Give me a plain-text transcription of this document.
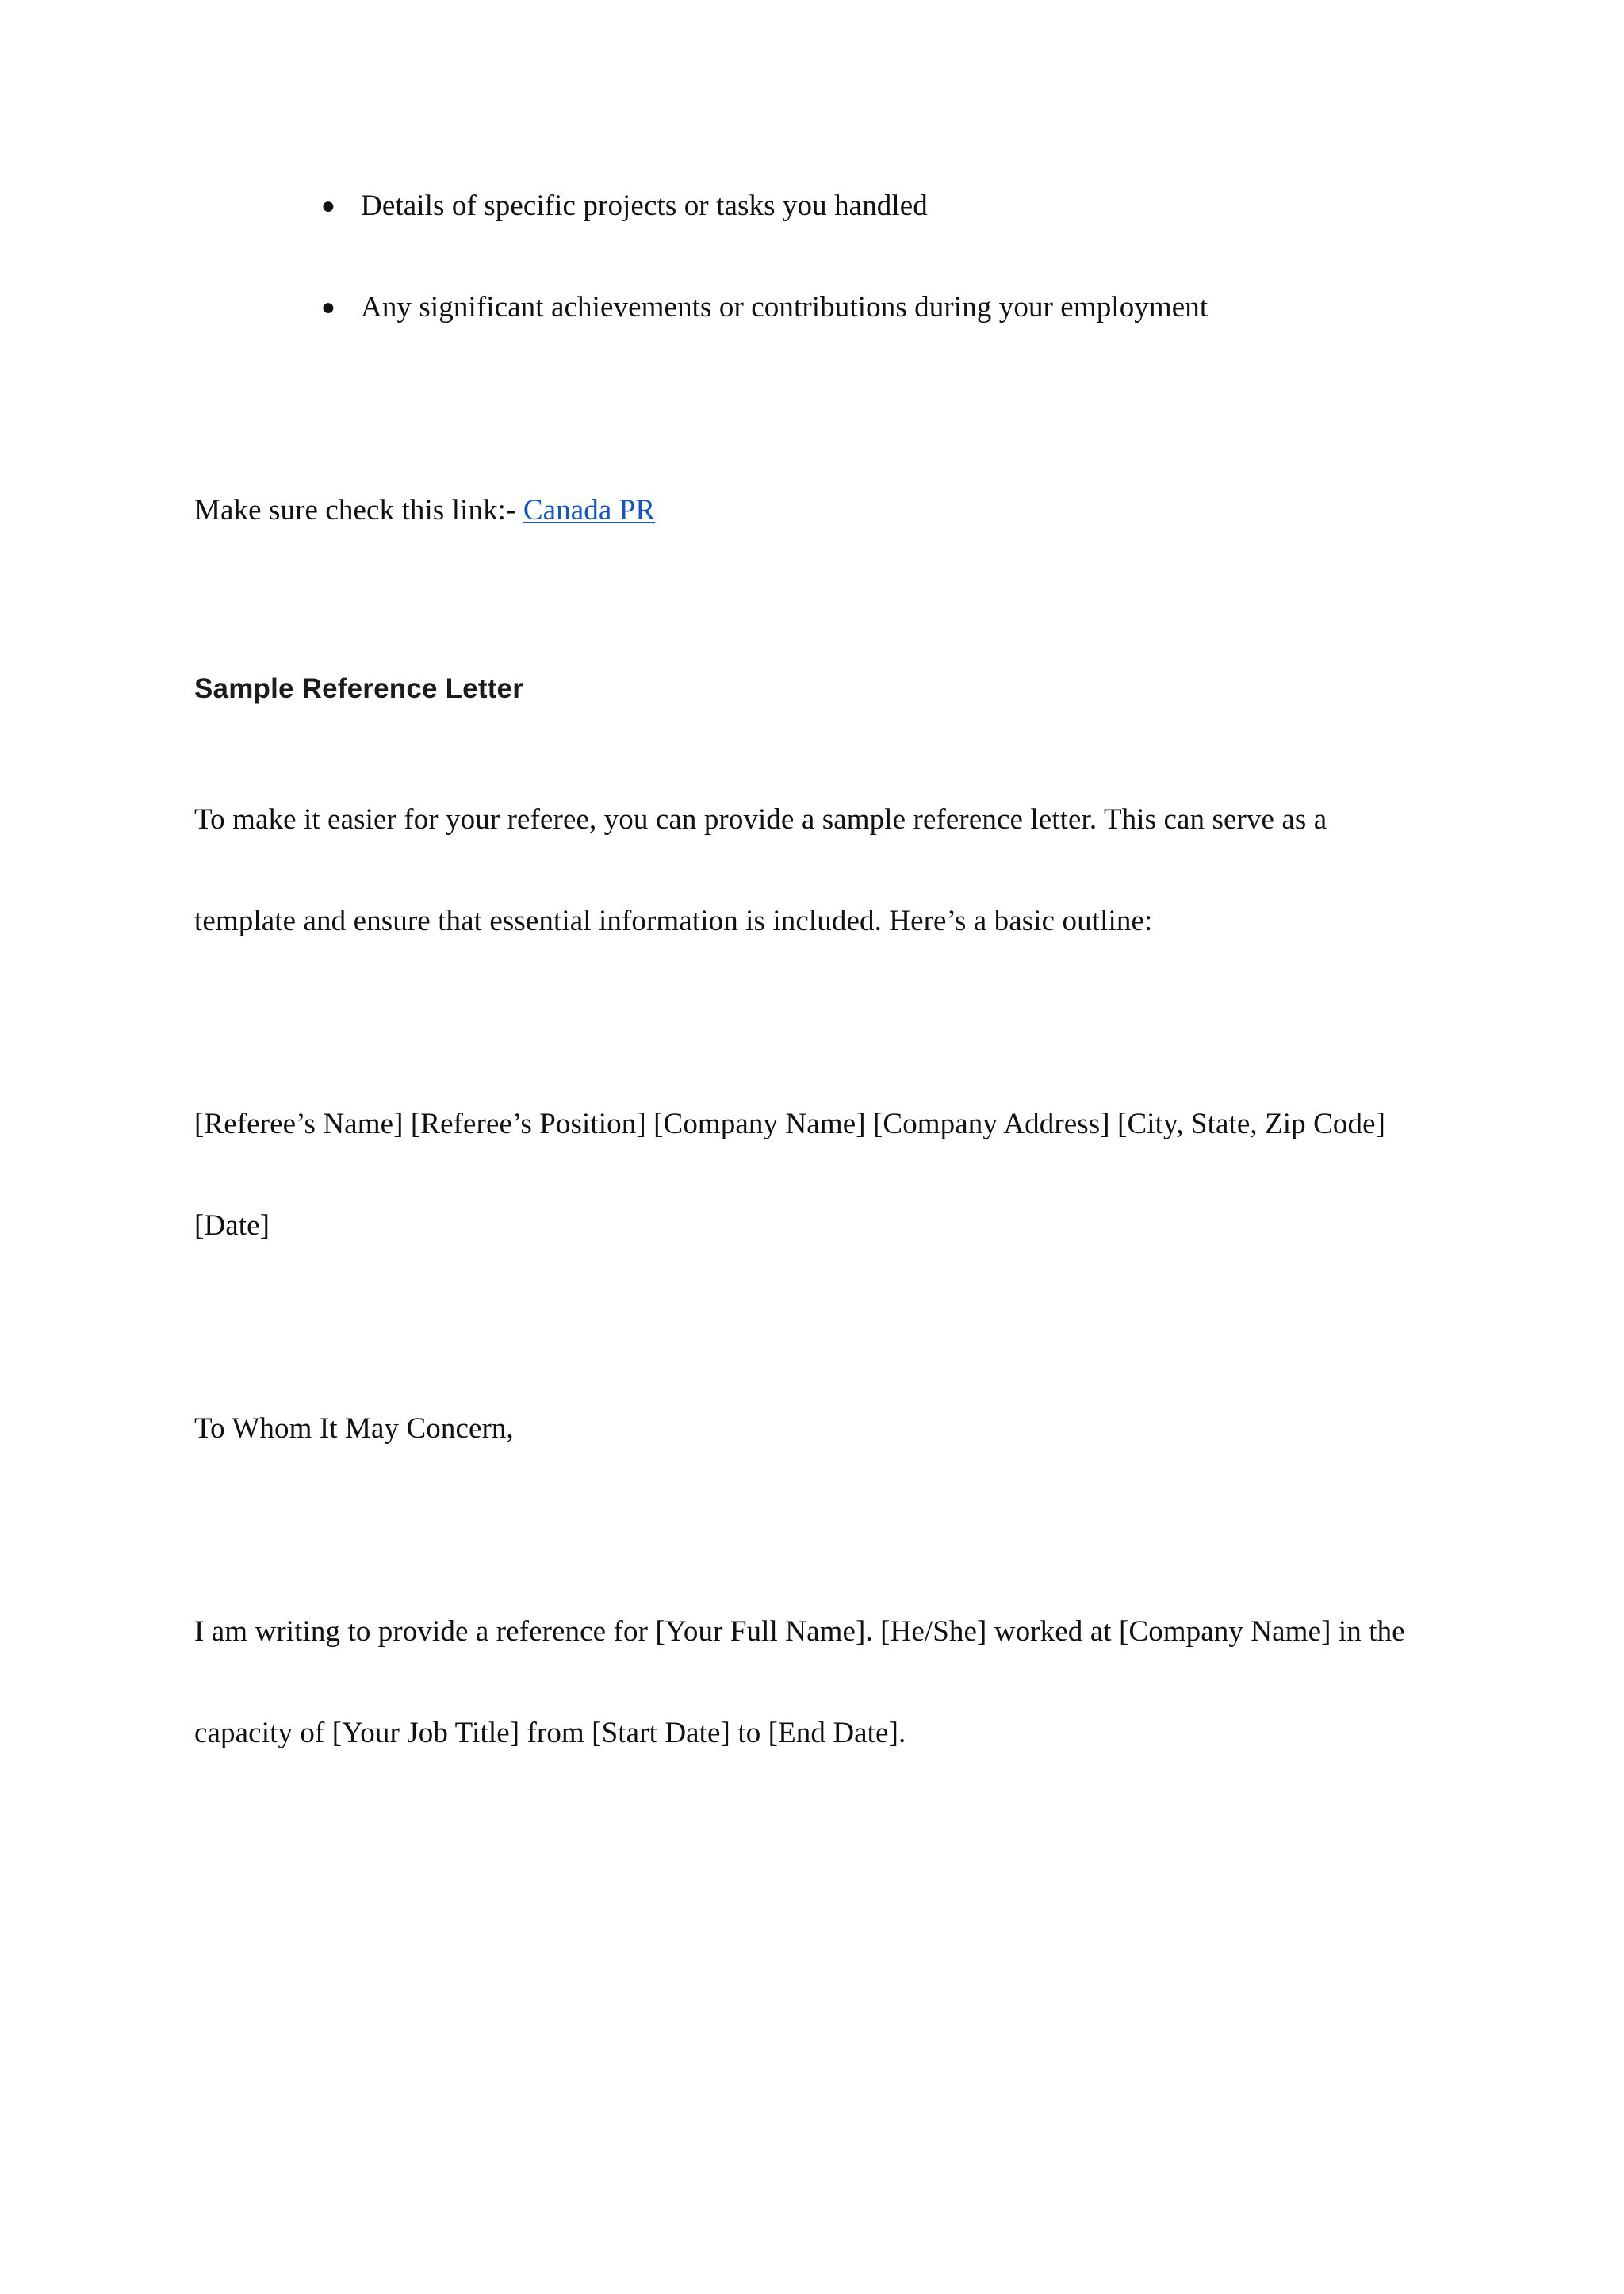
● Details of specific projects or tasks you handled
● Any significant achievements or contributions during your employment

Make sure check this link:- Canada PR

Sample Reference Letter

To make it easier for your referee, you can provide a sample reference letter. This can serve as a template and ensure that essential information is included. Here’s a basic outline:

[Referee’s Name] [Referee’s Position] [Company Name] [Company Address] [City, State, Zip Code] [Date]

To Whom It May Concern,

I am writing to provide a reference for [Your Full Name]. [He/She] worked at [Company Name] in the capacity of [Your Job Title] from [Start Date] to [End Date].
